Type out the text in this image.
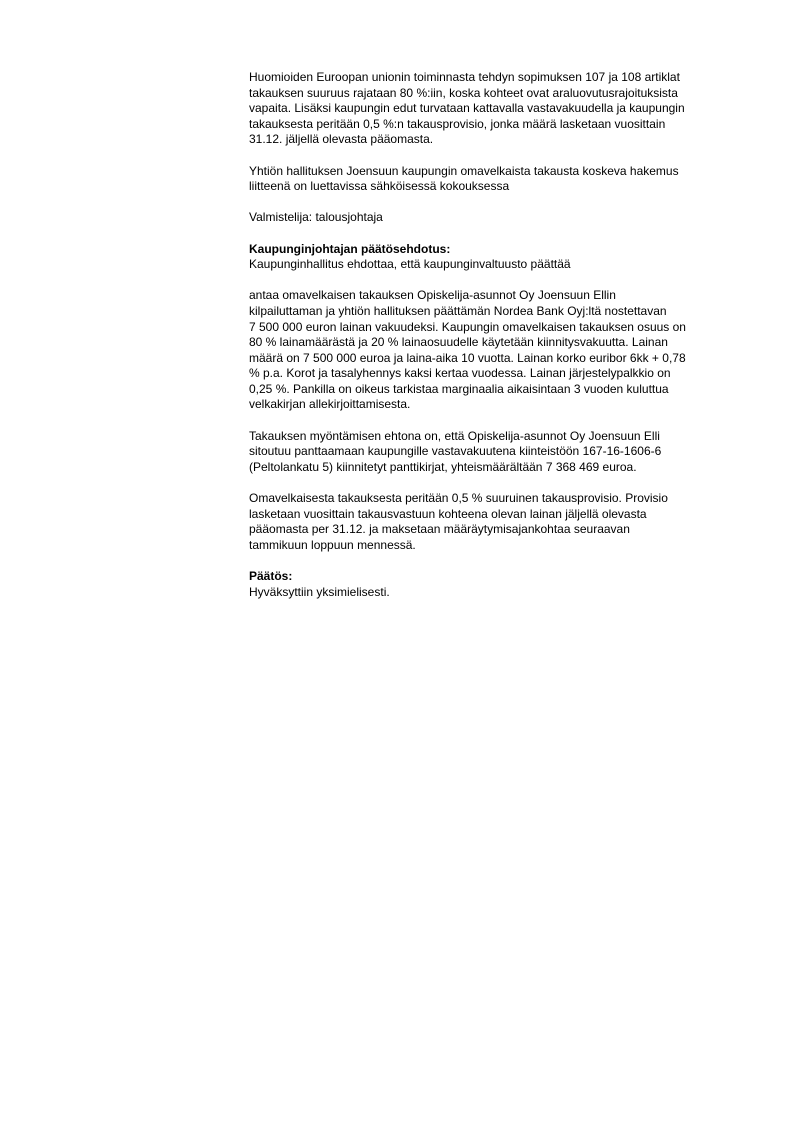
Huomioiden Euroopan unionin toiminnasta tehdyn sopimuksen 107 ja 108 artiklat
takauksen suuruus rajataan 80 %:iin, koska kohteet ovat araluovutusrajoituksista
vapaita. Lisäksi kaupungin edut turvataan kattavalla vastavakuudella ja kaupungin
takauksesta peritään 0,5 %:n takausprovisio, jonka määrä lasketaan vuosittain
31.12. jäljellä olevasta pääomasta.
Yhtiön hallituksen Joensuun kaupungin omavelkaista takausta koskeva hakemus
liitteenä on luettavissa sähköisessä kokouksessa
Valmistelija: talousjohtaja
Kaupunginjohtajan päätösehdotus:
Kaupunginhallitus ehdottaa, että kaupunginvaltuusto päättää
antaa omavelkaisen takauksen Opiskelija-asunnot Oy Joensuun Ellin
kilpailuttaman ja yhtiön hallituksen päättämän Nordea Bank Oyj:ltä nostettavan
7 500 000 euron lainan vakuudeksi. Kaupungin omavelkaisen takauksen osuus on
80 % lainamäärästä ja 20 % lainaosuudelle käytetään kiinnitysvakuutta. Lainan
määrä on 7 500 000 euroa ja laina-aika 10 vuotta. Lainan korko euribor 6kk + 0,78
% p.a. Korot ja tasalyhennys kaksi kertaa vuodessa. Lainan järjestelypalkkio on
0,25 %. Pankilla on oikeus tarkistaa marginaalia aikaisintaan 3 vuoden kuluttua
velkakirjan allekirjoittamisesta.
Takauksen myöntämisen ehtona on, että Opiskelija-asunnot Oy Joensuun Elli
sitoutuu panttaamaan kaupungille vastavakuutena kiinteistöön 167-16-1606-6
(Peltolankatu 5) kiinnitetyt panttikirjat, yhteismäärältään 7 368 469 euroa.
Omavelkaisesta takauksesta peritään 0,5 % suuruinen takausprovisio. Provisio
lasketaan vuosittain takausvastuun kohteena olevan lainan jäljellä olevasta
pääomasta per 31.12. ja maksetaan määräytymisajankohtaa seuraavan
tammikuun loppuun mennessä.
Päätös:
Hyväksyttiin yksimielisesti.
